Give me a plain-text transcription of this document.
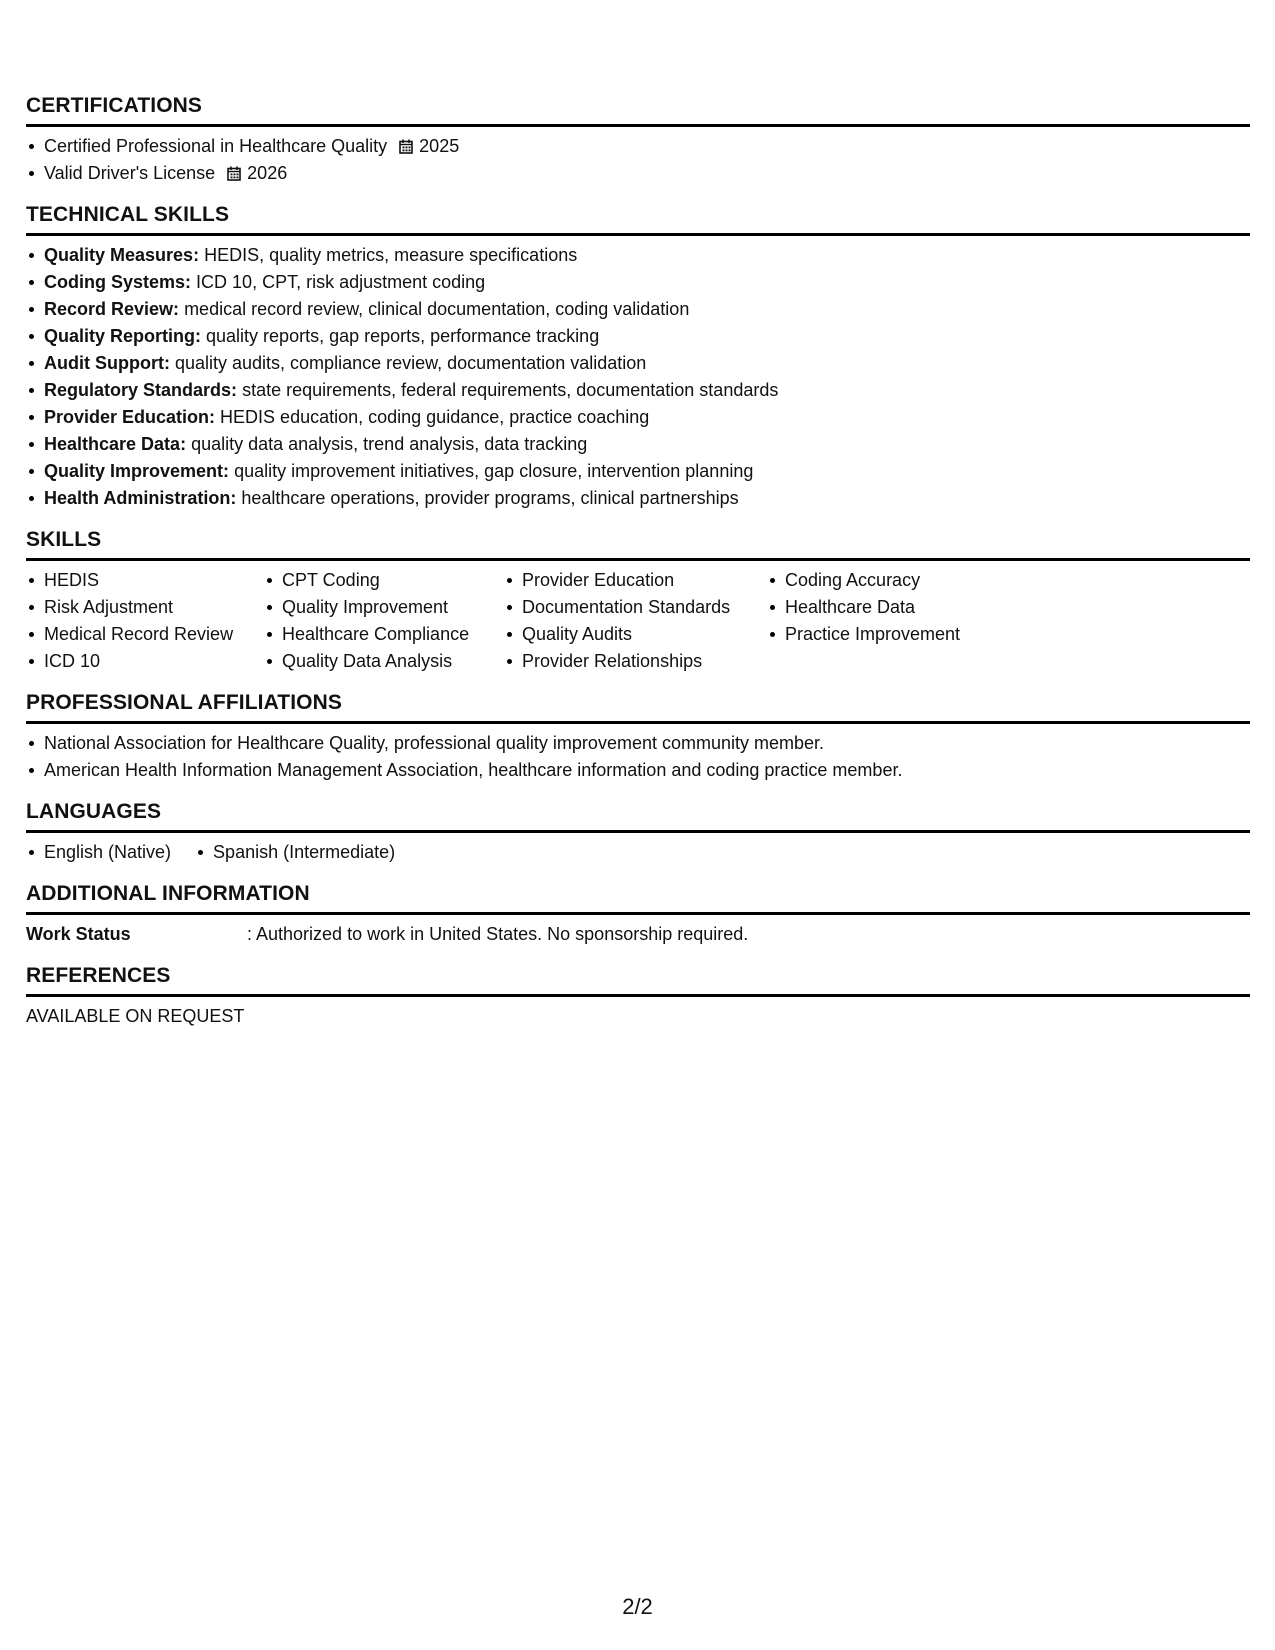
CERTIFICATIONS
Certified Professional in Healthcare Quality 2025
Valid Driver's License 2026
TECHNICAL SKILLS
Quality Measures: HEDIS, quality metrics, measure specifications
Coding Systems: ICD 10, CPT, risk adjustment coding
Record Review: medical record review, clinical documentation, coding validation
Quality Reporting: quality reports, gap reports, performance tracking
Audit Support: quality audits, compliance review, documentation validation
Regulatory Standards: state requirements, federal requirements, documentation standards
Provider Education: HEDIS education, coding guidance, practice coaching
Healthcare Data: quality data analysis, trend analysis, data tracking
Quality Improvement: quality improvement initiatives, gap closure, intervention planning
Health Administration: healthcare operations, provider programs, clinical partnerships
SKILLS
HEDIS
Risk Adjustment
Medical Record Review
ICD 10
CPT Coding
Quality Improvement
Healthcare Compliance
Quality Data Analysis
Provider Education
Documentation Standards
Quality Audits
Provider Relationships
Coding Accuracy
Healthcare Data
Practice Improvement
PROFESSIONAL AFFILIATIONS
National Association for Healthcare Quality, professional quality improvement community member.
American Health Information Management Association, healthcare information and coding practice member.
LANGUAGES
English (Native)	Spanish (Intermediate)
ADDITIONAL INFORMATION
Work Status	: Authorized to work in United States. No sponsorship required.
REFERENCES
AVAILABLE ON REQUEST
2/2
